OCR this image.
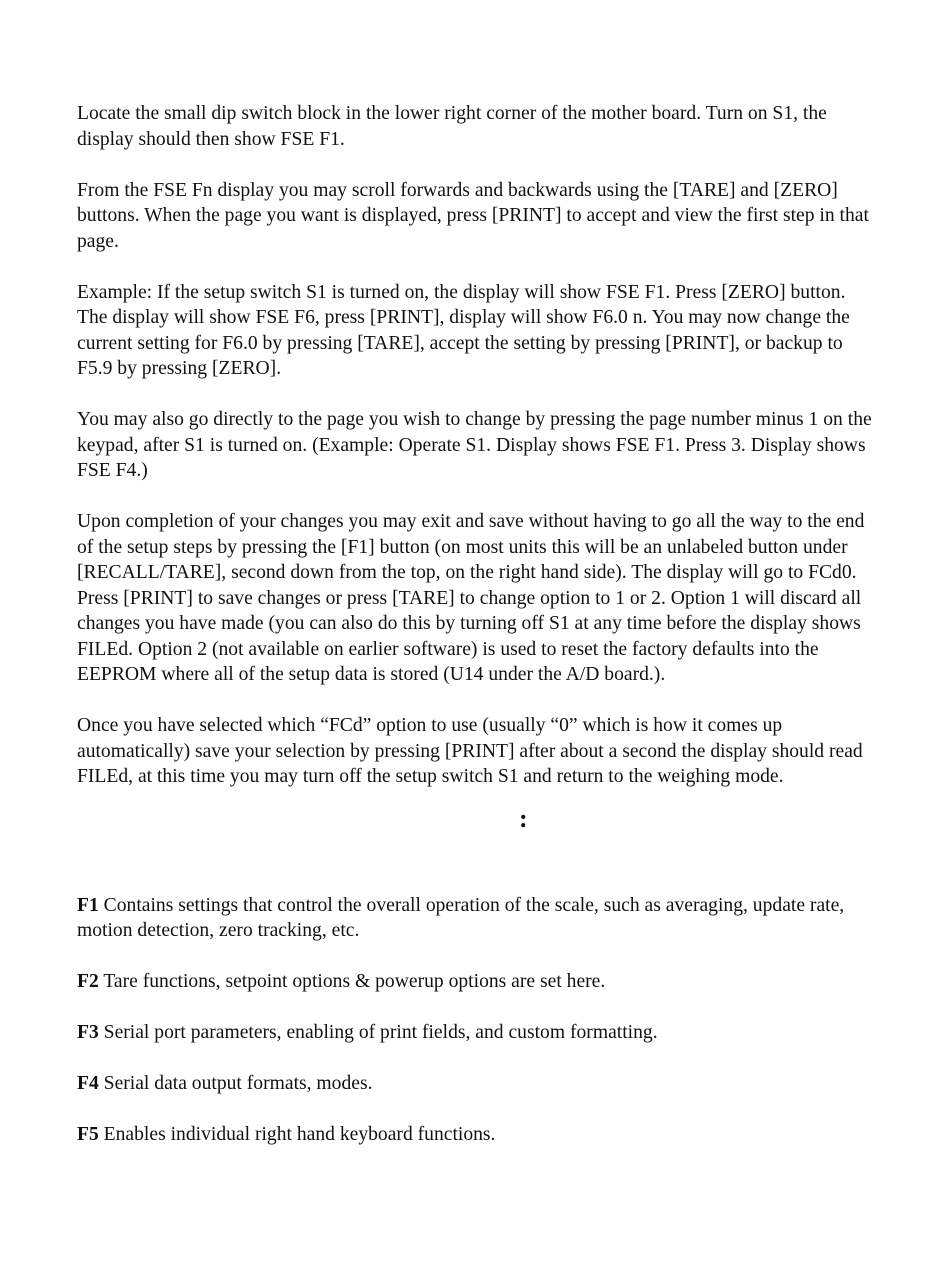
Locate the small dip switch block in the lower right corner of the mother board. Turn on S1, the display should then show FSE F1.

From the FSE Fn display you may scroll forwards and backwards using the [TARE] and [ZERO] buttons. When the page you want is displayed, press [PRINT] to accept and view the first step in that page.

Example: If the setup switch S1 is turned on, the display will show FSE F1. Press [ZERO] button. The display will show FSE F6, press [PRINT], display will show F6.0 n. You may now change the current setting for F6.0 by pressing [TARE], accept the setting by pressing [PRINT], or backup to F5.9 by pressing [ZERO].

You may also go directly to the page you wish to change by pressing the page number minus 1 on the keypad, after S1 is turned on. (Example: Operate S1. Display shows FSE F1. Press 3. Display shows FSE F4.)

Upon completion of your changes you may exit and save without having to go all the way to the end of the setup steps by pressing the [F1] button (on most units this will be an unlabeled button under [RECALL/TARE], second down from the top, on the right hand side). The display will go to FCd0. Press [PRINT] to save changes or press [TARE] to change option to 1 or 2. Option 1 will discard all changes you have made (you can also do this by turning off S1 at any time before the display shows FILEd. Option 2 (not available on earlier software) is used to reset the factory defaults into the EEPROM where all of the setup data is stored (U14 under the A/D board.).

Once you have selected which “FCd” option to use (usually “0” which is how it comes up automatically) save your selection by pressing [PRINT] after about a second the display should read FILEd, at this time you may turn off the setup switch S1 and return to the weighing mode.

:

F1 Contains settings that control the overall operation of the scale, such as averaging, update rate, motion detection, zero tracking, etc.

F2 Tare functions, setpoint options & powerup options are set here.

F3 Serial port parameters, enabling of print fields, and custom formatting.

F4 Serial data output formats, modes.

F5 Enables individual right hand keyboard functions.
